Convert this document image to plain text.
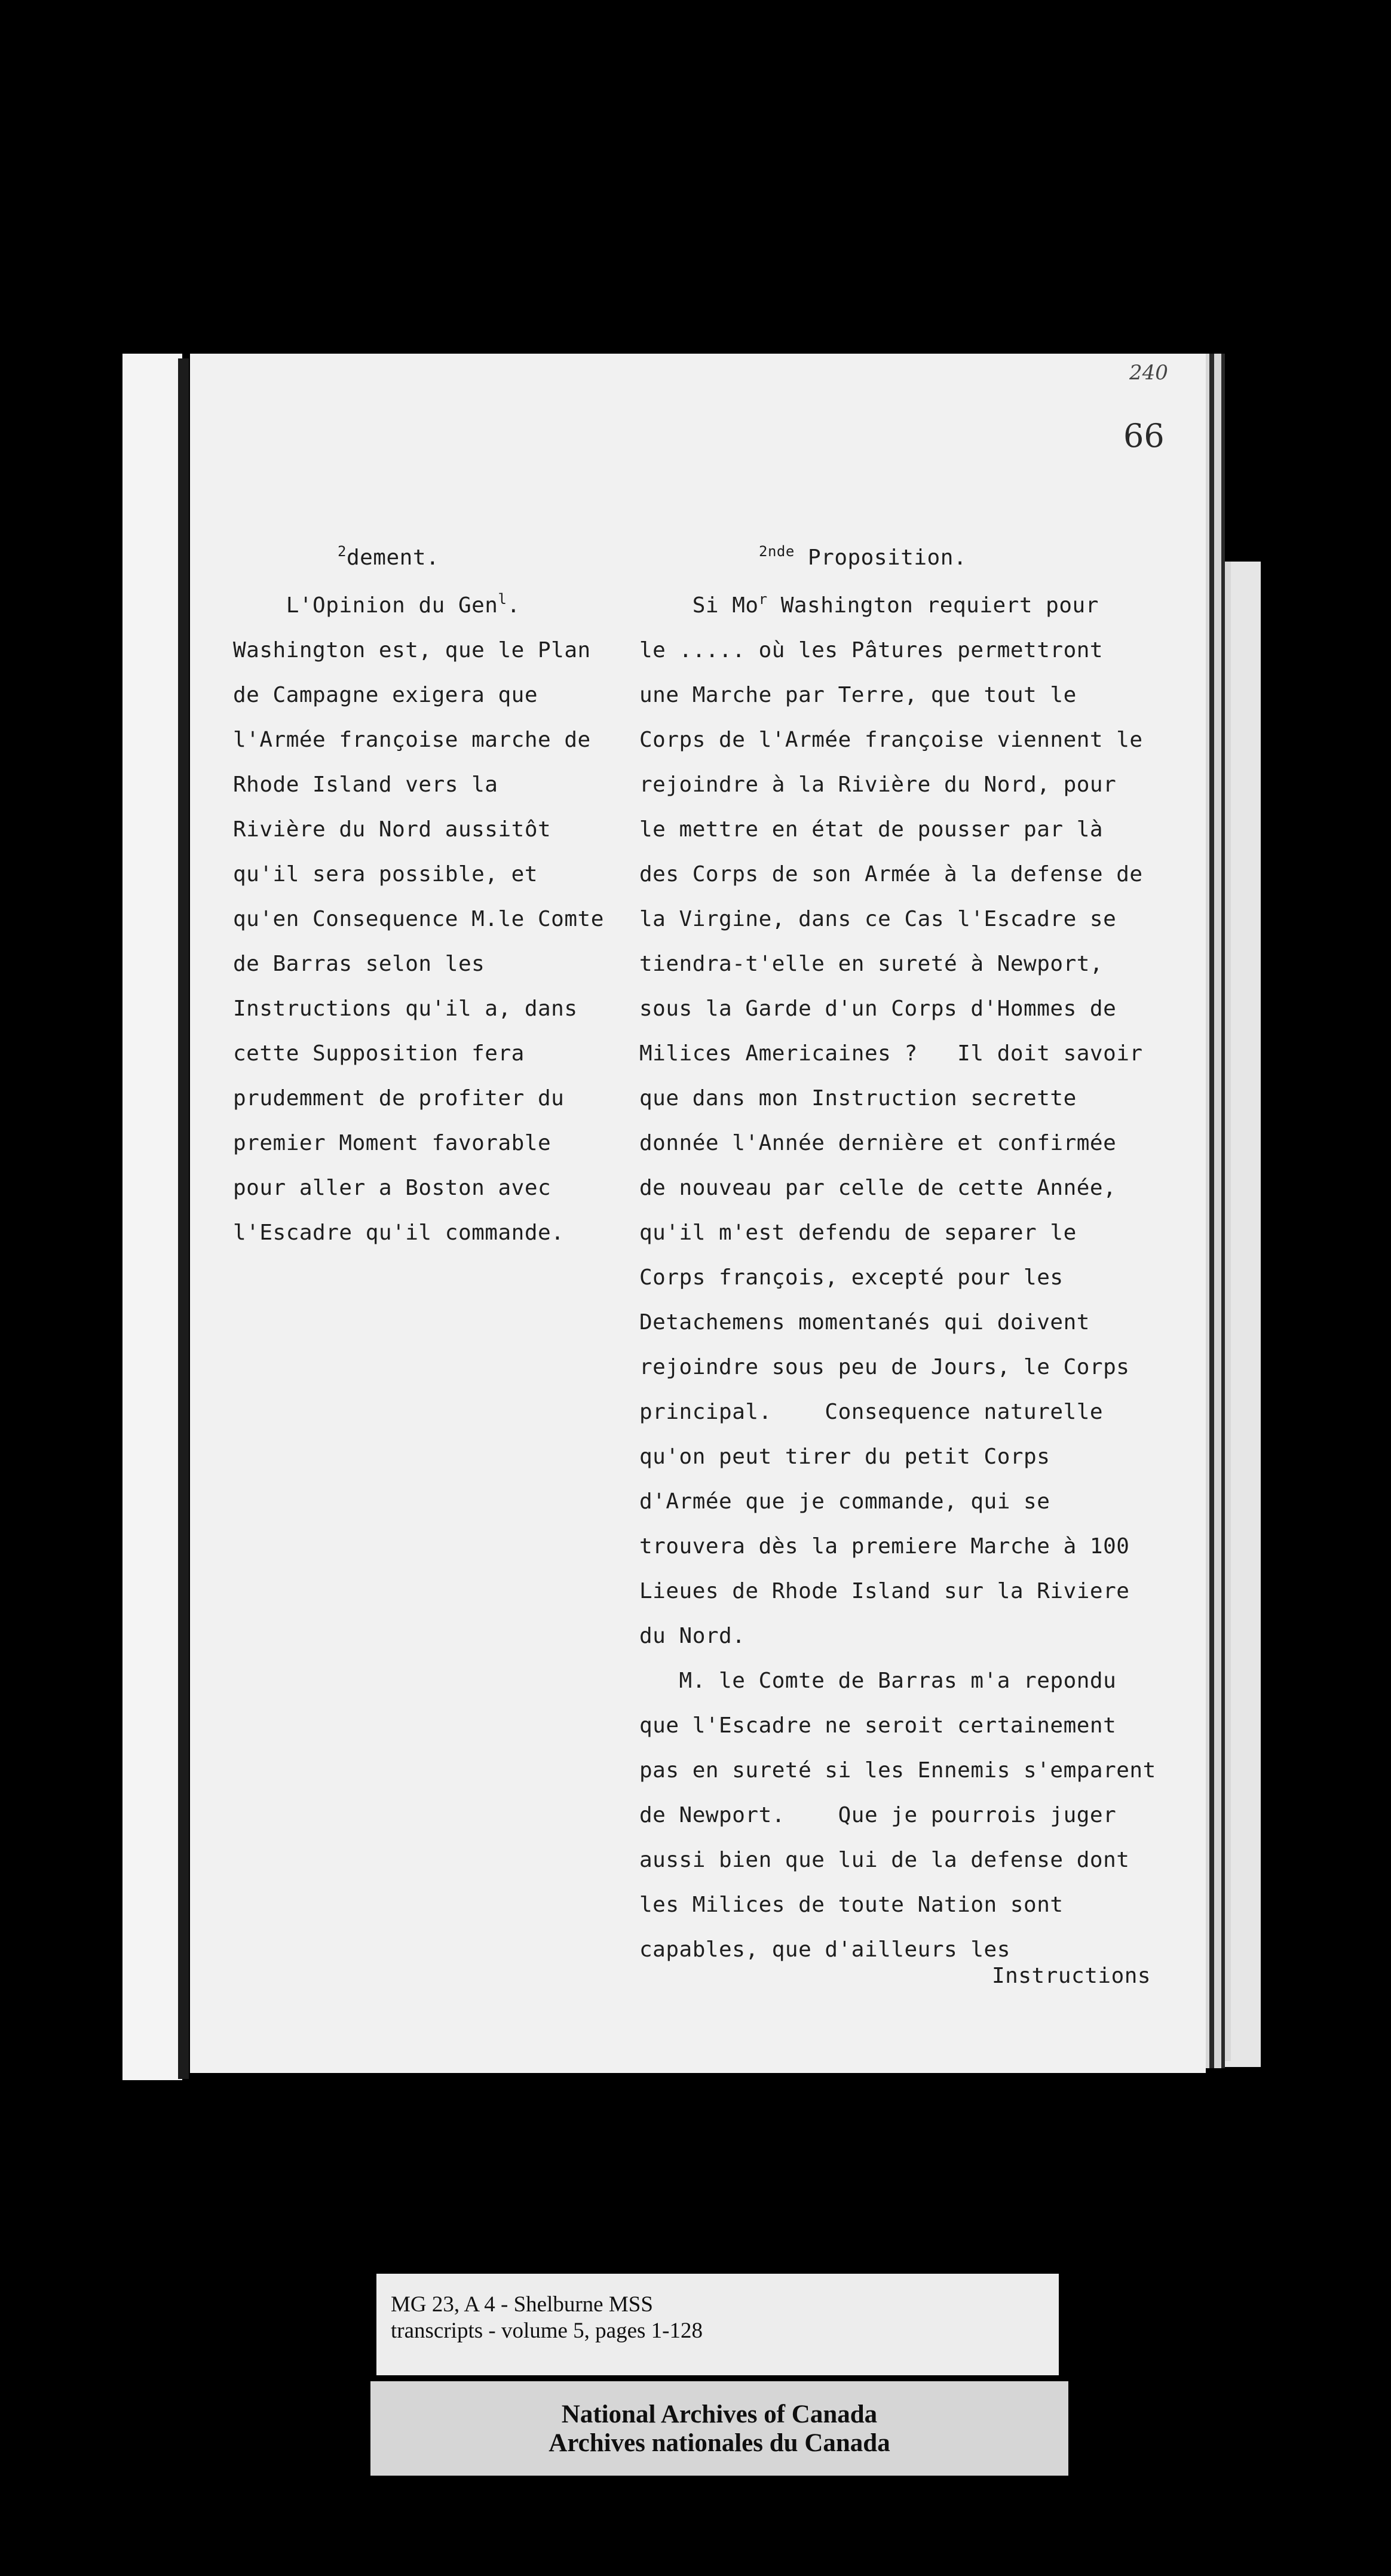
240
66
$^2$dement.
L'Opinion du Gen$^l$.
Washington est, que le Plan
de Campagne exigera que
l'Armée françoise marche de
Rhode Island vers la
Rivière du Nord aussitôt
qu'il sera possible, et
qu'en Consequence M.le Comte
de Barras selon les
Instructions qu'il a, dans
cette Supposition fera
prudemment de profiter du
premier Moment favorable
pour aller a Boston avec
l'Escadre qu'il commande.
$^{2nde}$ Proposition.
Si Mo$^r$ Washington requiert pour
le ..... où les Pâtures permettront
une Marche par Terre, que tout le
Corps de l'Armée françoise viennent le
rejoindre à la Rivière du Nord, pour
le mettre en état de pousser par là
des Corps de son Armée à la defense de
la Virgine, dans ce Cas l'Escadre se
tiendra-t'elle en sureté à Newport,
sous la Garde d'un Corps d'Hommes de
Milices Americaines ?   Il doit savoir
que dans mon Instruction secrette
donnée l'Année dernière et confirmée
de nouveau par celle de cette Année,
qu'il m'est defendu de separer le
Corps françois, excepté pour les
Detachemens momentanés qui doivent
rejoindre sous peu de Jours, le Corps
principal.    Consequence naturelle
qu'on peut tirer du petit Corps
d'Armée que je commande, qui se
trouvera dès la premiere Marche à 100
Lieues de Rhode Island sur la Riviere
du Nord.
M. le Comte de Barras m'a repondu
que l'Escadre ne seroit certainement
pas en sureté si les Ennemis s'emparent
de Newport.    Que je pourrois juger
aussi bien que lui de la defense dont
les Milices de toute Nation sont
capables, que d'ailleurs les
Instructions
MG 23, A 4 - Shelburne MSS
transcripts - volume 5, pages 1-128
National Archives of Canada
Archives nationales du Canada
